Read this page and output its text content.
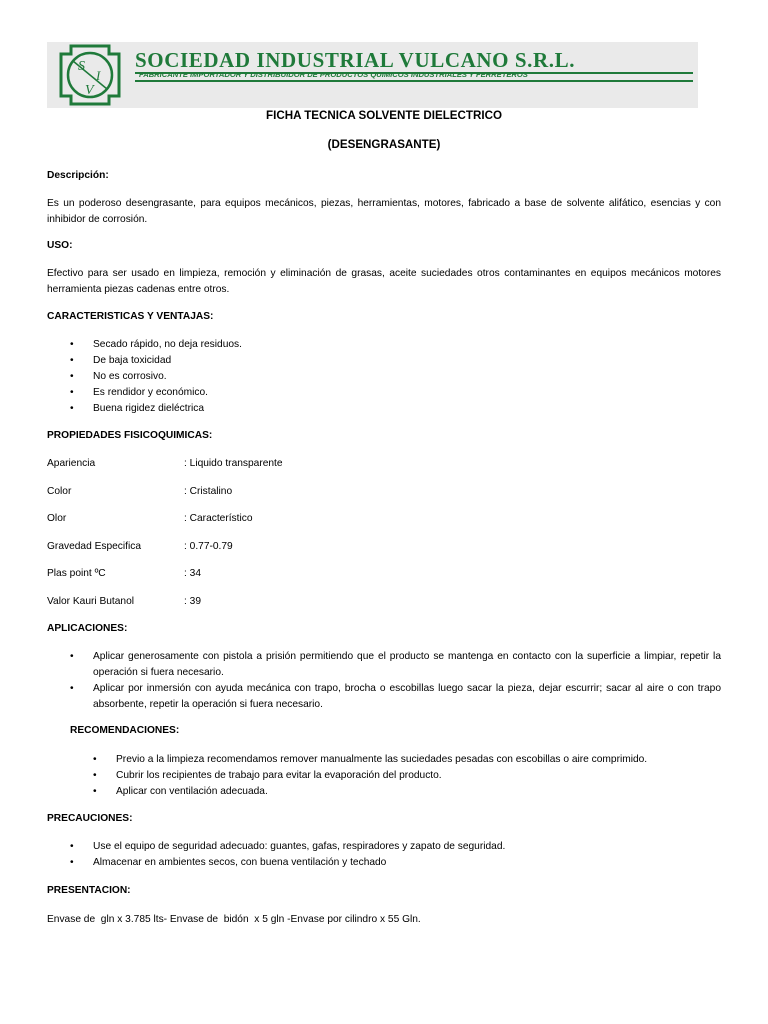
S
I
V
SOCIEDAD INDUSTRIAL VULCANO S.R.L.
FABRICANTE IMPORTADOR Y DISTRIBUIDOR DE PRODUCTOS QUIMICOS INDUSTRIALES Y FERRETEROS
FICHA TECNICA SOLVENTE DIELECTRICO
(DESENGRASANTE)
Descripción:
Es un poderoso desengrasante, para equipos mecánicos, piezas, herramientas, motores, fabricado a base de solvente alifático, esencias y con inhibidor de corrosión.
USO:
Efectivo para ser usado en limpieza, remoción y eliminación de grasas, aceite suciedades otros contaminantes en equipos mecánicos motores herramienta piezas cadenas entre otros.
CARACTERISTICAS Y VENTAJAS:
• Secado rápido, no deja residuos.
• De baja toxicidad
• No es corrosivo.
• Es rendidor y económico.
• Buena rigidez dieléctrica
PROPIEDADES FISICOQUIMICAS:
Apariencia	: Liquido transparente
Color	: Cristalino
Olor	: Característico
Gravedad Especifica	: 0.77-0.79
Plas point ºC	: 34
Valor Kauri Butanol	: 39
APLICACIONES:
• Aplicar generosamente con pistola a prisión permitiendo que el producto se mantenga en contacto con la superficie a limpiar, repetir la operación si fuera necesario.
• Aplicar por inmersión con ayuda mecánica con trapo, brocha o escobillas luego sacar la pieza, dejar escurrir; sacar al aire o con trapo absorbente, repetir la operación si fuera necesario.
RECOMENDACIONES:
• Previo a la limpieza recomendamos remover manualmente las suciedades pesadas con escobillas o aire comprimido.
• Cubrir los recipientes de trabajo para evitar la evaporación del producto.
• Aplicar con ventilación adecuada.
PRECAUCIONES:
• Use el equipo de seguridad adecuado: guantes, gafas, respiradores y zapato de seguridad.
• Almacenar en ambientes secos, con buena ventilación y techado
PRESENTACION:
Envase de  gln x 3.785 lts- Envase de  bidón  x 5 gln -Envase por cilindro x 55 Gln.
